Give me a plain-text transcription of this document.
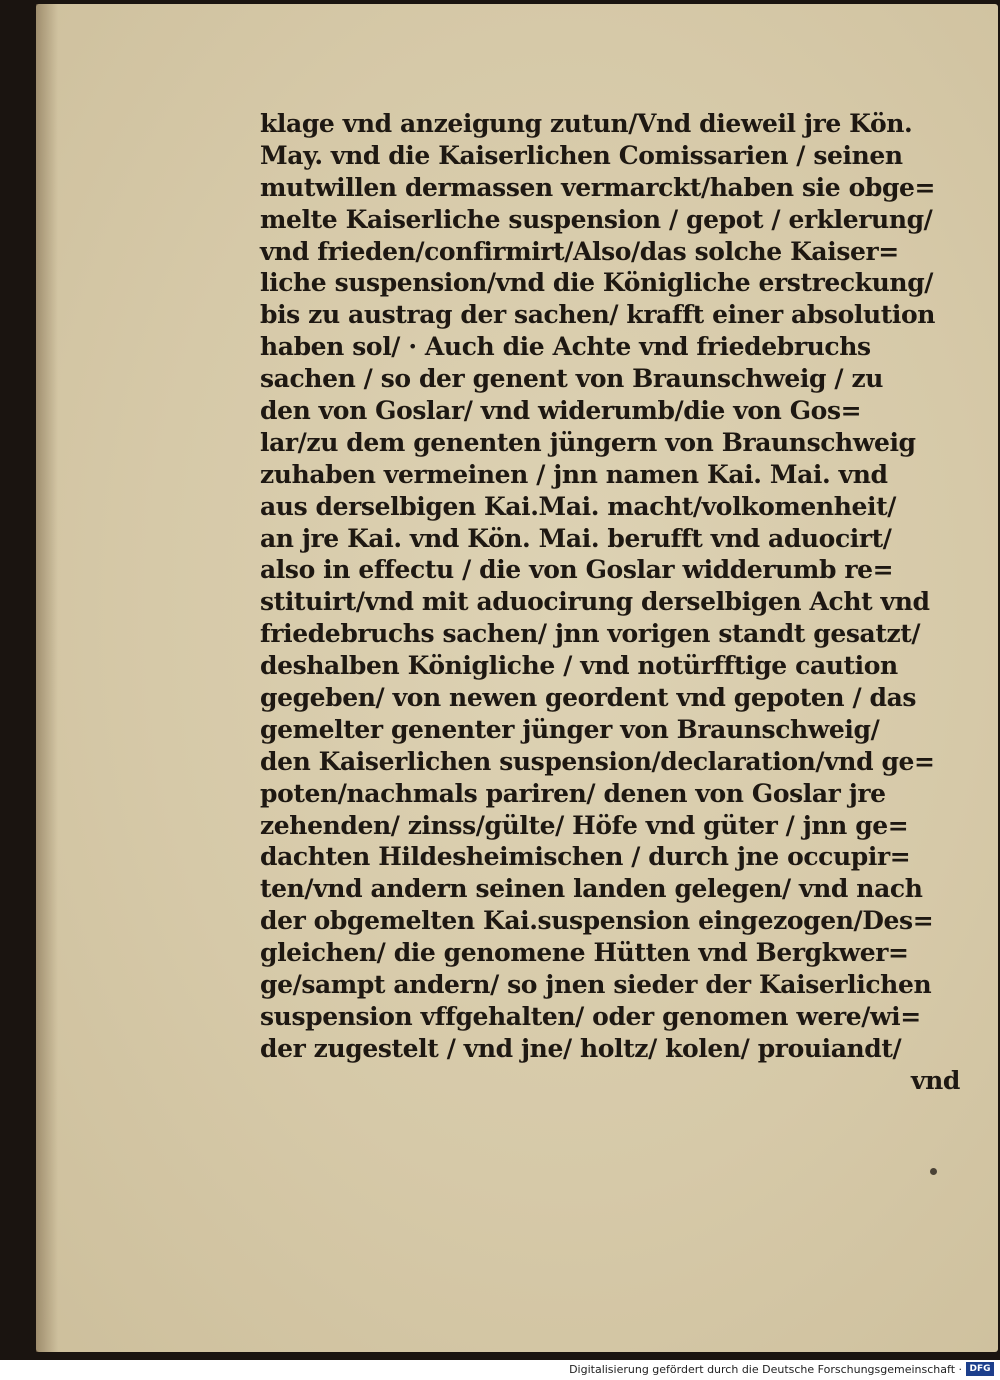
klage vnd anzeigung zutun/Vnd dieweil jre Kön.
May. vnd die Kaiserlichen Comissarien / seinen
mutwillen dermassen vermarckt/haben sie obge=
melte Kaiserliche suspension / gepot / erklerung/
vnd frieden/confirmirt/Also/das solche Kaiser=
liche suspension/vnd die Königliche erstreckung/
bis zu austrag der sachen/ krafft einer absolution
haben sol/ · Auch die Achte vnd friedebruchs
sachen / so der genent von Braunschweig / zu
den von Goslar/ vnd widerumb/die von Gos=
lar/zu dem genenten jüngern von Braunschweig
zuhaben vermeinen / jnn namen Kai. Mai. vnd
aus derselbigen Kai.Mai. macht/volkomenheit/
an jre Kai. vnd Kön. Mai. berufft vnd aduocirt/
also in effectu / die von Goslar widderumb re=
stituirt/vnd mit aduocirung derselbigen Acht vnd
friedebruchs sachen/ jnn vorigen standt gesatzt/
deshalben Königliche / vnd notürfftige caution
gegeben/ von newen geordent vnd gepoten / das
gemelter genenter jünger von Braunschweig/
den Kaiserlichen suspension/declaration/vnd ge=
poten/nachmals pariren/ denen von Goslar jre
zehenden/ zinss/gülte/ Höfe vnd güter / jnn ge=
dachten Hildesheimischen / durch jne occupir=
ten/vnd andern seinen landen gelegen/ vnd nach
der obgemelten Kai.suspension eingezogen/Des=
gleichen/ die genomene Hütten vnd Bergkwer=
ge/sampt andern/ so jnen sieder der Kaiserlichen
suspension vffgehalten/ oder genomen were/wi=
der zugestelt / vnd jne/ holtz/ kolen/ prouiandt/
vnd
Digitalisierung gefördert durch die Deutsche Forschungsgemeinschaft · DFG
